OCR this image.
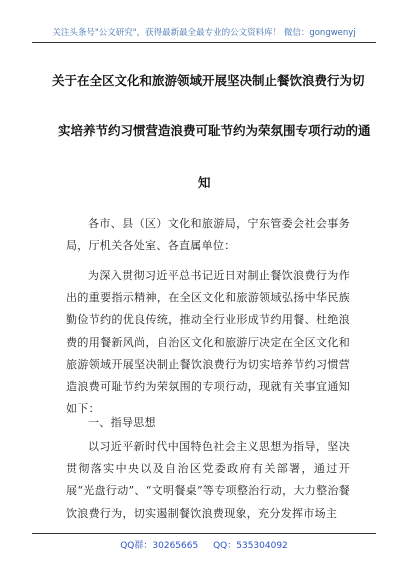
关注头条号"公文研究"，获得最新最全最专业的公文资料库！ 微信：gongwenyj
关于在全区文化和旅游领域开展坚决制止餐饮浪费行为切
实培养节约习惯营造浪费可耻节约为荣氛围专项行动的通
知
各市、县（区）文化和旅游局，宁东管委会社会事务局，厅机关各处室、各直属单位：
为深入贯彻习近平总书记近日对制止餐饮浪费行为作出的重要指示精神，在全区文化和旅游领域弘扬中华民族勤俭节约的优良传统，推动全行业形成节约用餐、杜绝浪费的用餐新风尚，自治区文化和旅游厅决定在全区文化和旅游领域开展坚决制止餐饮浪费行为切实培养节约习惯营造浪费可耻节约为荣氛围的专项行动，现就有关事宜通知如下：
一、指导思想
以习近平新时代中国特色社会主义思想为指导，坚决贯彻落实中央以及自治区党委政府有关部署，通过开展“光盘行动”、“文明餐桌”等专项整治行动，大力整治餐饮浪费行为，切实遏制餐饮浪费现象，充分发挥市场主
QQ群：30265665 QQ：535304092
